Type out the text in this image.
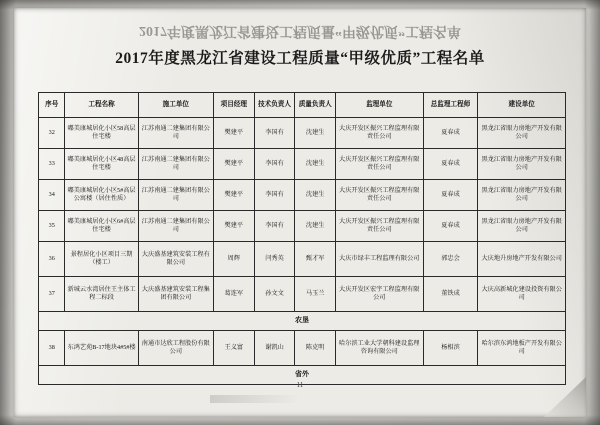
2017年度黑龙江省建设工程质量“甲级优质”工程名单
2017年度黑龙江省建设工程质量“甲级优质”工程名单
序号	工程名称	施工单位	项目经理	技术负责人	质量负责人	监理单位	总监理工程师	建设单位
32	嘟美康城居化小区58高层住宅楼	江苏南通二建集团有限公司	樊建平	李国有	沈建生	大庆开发区振兴工程监理有限责任公司	夏春成	黑龙江省眼力房地产开发有限公司
33	嘟美康城居化小区48高层住宅楼	江苏南通二建集团有限公司	樊建平	李国有	沈建生	大庆开发区振兴工程监理有限责任公司	夏春成	黑龙江省眼力房地产开发有限公司
34	嘟美康城居化小区5#高层公寓楼（居住性质）	江苏南通二建集团有限公司	樊建平	李国有	沈建生	大庆开发区振兴工程监理有限责任公司	夏春成	黑龙江省眼力房地产开发有限公司
35	嘟美康城居化小区6#高层住宅楼	江苏南通二建集团有限公司	樊建平	李国有	沈建生	大庆开发区振兴工程监理有限责任公司	夏春成	黑龙江省眼力房地产开发有限公司
36	景程居化小区项目三期（楼工）	大庆盛基建筑安装工程有限公司	周辉	闫秀英	甄才军	大庆市绿丰工程监理有限公司	郭忠会	大庆地升房地产开发有限公司
37	新城云水湾居住王主体工程二标段	大庆盛基建筑安装工程集团有限公司	葛连军	孙文文	马玉兰	大庆开发区宏宇工程监理有限公司	董铁成	大庆高新城化建设投资有限公司
农垦								
38	东鸿艺苑B-17地块4#5#楼	南通市达欣工程股份有限公司	王义富	谢凯山	陈克明	哈尔滨工业大学朝科建设监理咨询有限公司	杨相滨	哈尔滨东鸿地板产开发有限公司
省外								
11
